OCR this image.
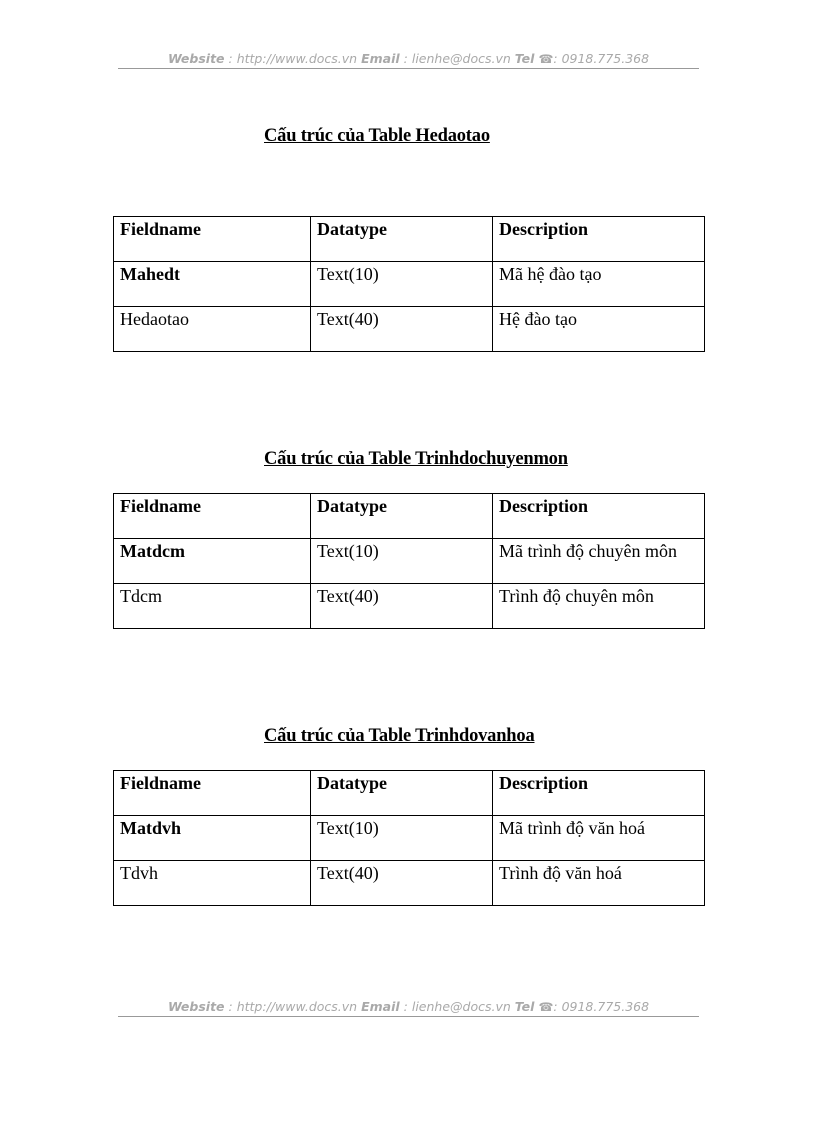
Website : http://www.docs.vn Email : lienhe@docs.vn Tel ☎: 0918.775.368
Cấu trúc của Table Hedaotao
Fieldname	Datatype	Description
Mahedt	Text(10)	Mã hệ đào tạo
Hedaotao	Text(40)	Hệ đào tạo
Cấu trúc của Table Trinhdochuyenmon
Fieldname	Datatype	Description
Matdcm	Text(10)	Mã trình độ chuyên môn
Tdcm	Text(40)	Trình độ chuyên môn
Cấu trúc của Table Trinhdovanhoa
Fieldname	Datatype	Description
Matdvh	Text(10)	Mã trình độ văn hoá
Tdvh	Text(40)	Trình độ văn hoá
Website : http://www.docs.vn Email : lienhe@docs.vn Tel ☎: 0918.775.368
